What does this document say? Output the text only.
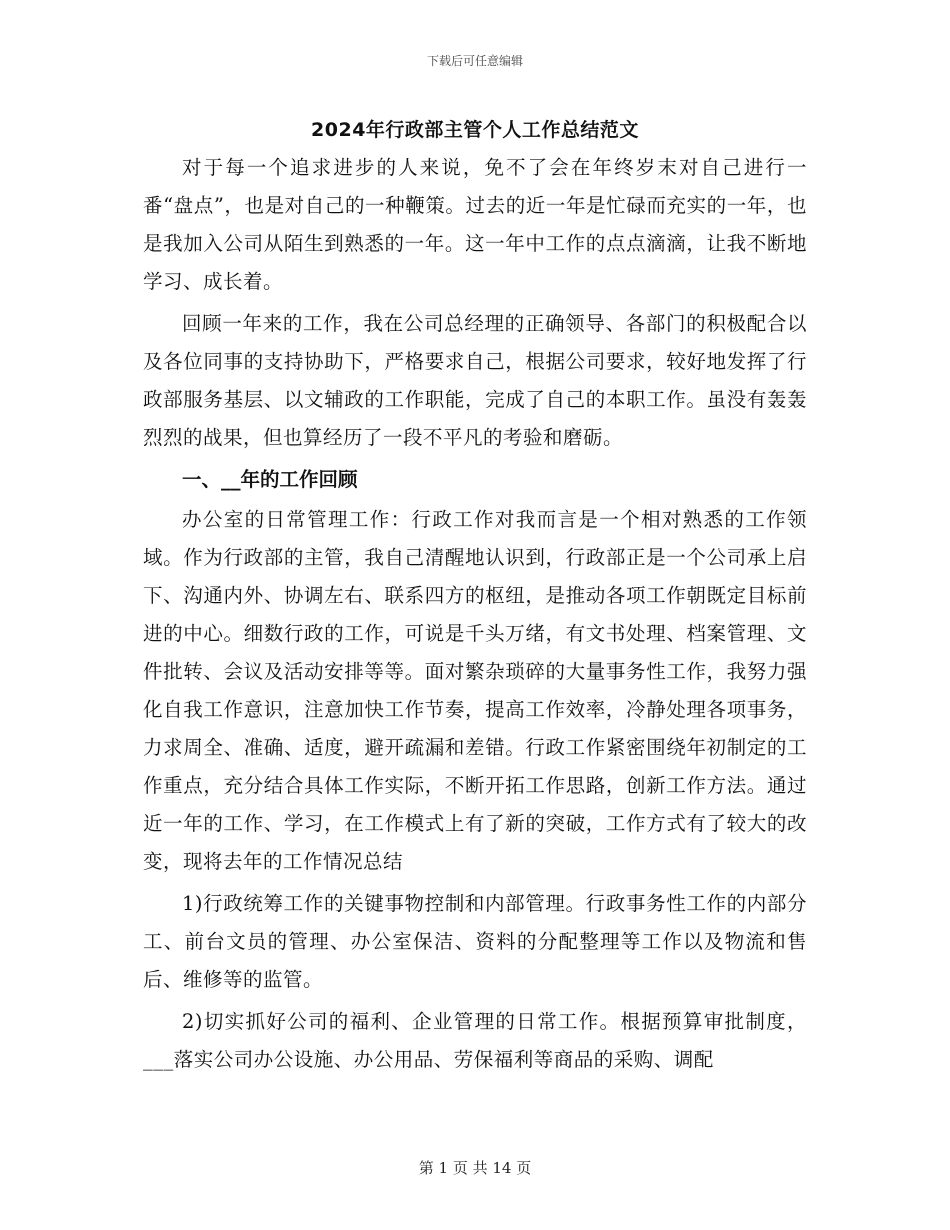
下载后可任意编辑
2024年行政部主管个人工作总结范文

对于每一个追求进步的人来说，免不了会在年终岁末对自己进行一番“盘点”，也是对自己的一种鞭策。过去的近一年是忙碌而充实的一年，也是我加入公司从陌生到熟悉的一年。这一年中工作的点点滴滴，让我不断地学习、成长着。

回顾一年来的工作，我在公司总经理的正确领导、各部门的积极配合以及各位同事的支持协助下，严格要求自己，根据公司要求，较好地发挥了行政部服务基层、以文辅政的工作职能，完成了自己的本职工作。虽没有轰轰烈烈的战果，但也算经历了一段不平凡的考验和磨砺。

一、__年的工作回顾

办公室的日常管理工作：行政工作对我而言是一个相对熟悉的工作领域。作为行政部的主管，我自己清醒地认识到，行政部正是一个公司承上启下、沟通内外、协调左右、联系四方的枢纽，是推动各项工作朝既定目标前进的中心。细数行政的工作，可说是千头万绪，有文书处理、档案管理、文件批转、会议及活动安排等等。面对繁杂琐碎的大量事务性工作，我努力强化自我工作意识，注意加快工作节奏，提高工作效率，冷静处理各项事务，力求周全、准确、适度，避开疏漏和差错。行政工作紧密围绕年初制定的工作重点，充分结合具体工作实际，不断开拓工作思路，创新工作方法。通过近一年的工作、学习，在工作模式上有了新的突破，工作方式有了较大的改变，现将去年的工作情况总结

1)行政统筹工作的关键事物控制和内部管理。行政事务性工作的内部分工、前台文员的管理、办公室保洁、资料的分配整理等工作以及物流和售后、维修等的监管。

2)切实抓好公司的福利、企业管理的日常工作。根据预算审批制度，___落实公司办公设施、办公用品、劳保福利等商品的采购、调配

第 1 页 共 14 页
